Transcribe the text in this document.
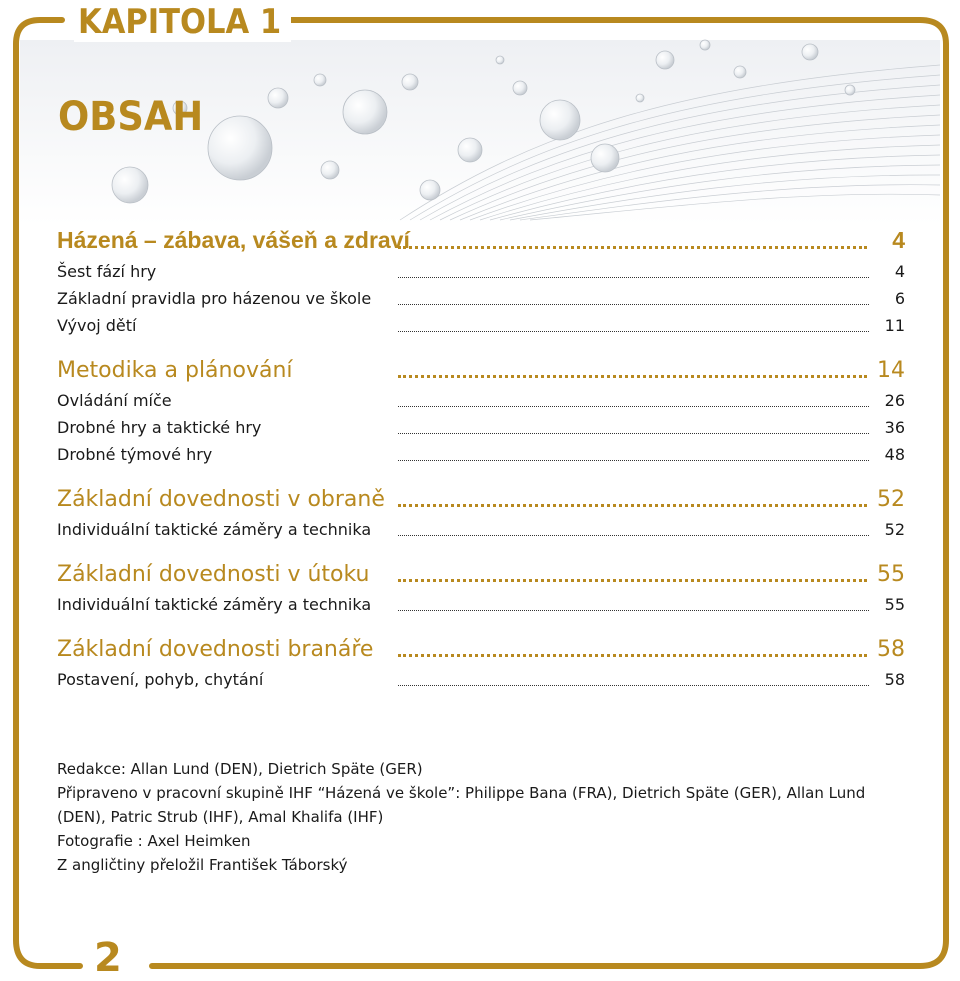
KAPITOLA 1
OBSAH
Házená – zábava, vášeň a zdraví	4
Šest fází hry	4
Základní pravidla pro házenou ve škole	6
Vývoj dětí	11
Metodika a plánování	14
Ovládání míče	26
Drobné hry a taktické hry	36
Drobné týmové hry	48
Základní dovednosti v obraně	52
Individuální taktické záměry a technika	52
Základní dovednosti v útoku	55
Individuální taktické záměry a technika	55
Základní dovednosti branáře	58
Postavení, pohyb, chytání	58
Redakce: Allan Lund (DEN), Dietrich Späte (GER)
Připraveno v pracovní skupině IHF “Házená ve škole”: Philippe Bana (FRA), Dietrich Späte (GER), Allan Lund (DEN), Patric Strub (IHF), Amal Khalifa (IHF)
Fotografie : Axel Heimken
Z angličtiny přeložil František Táborský
2
